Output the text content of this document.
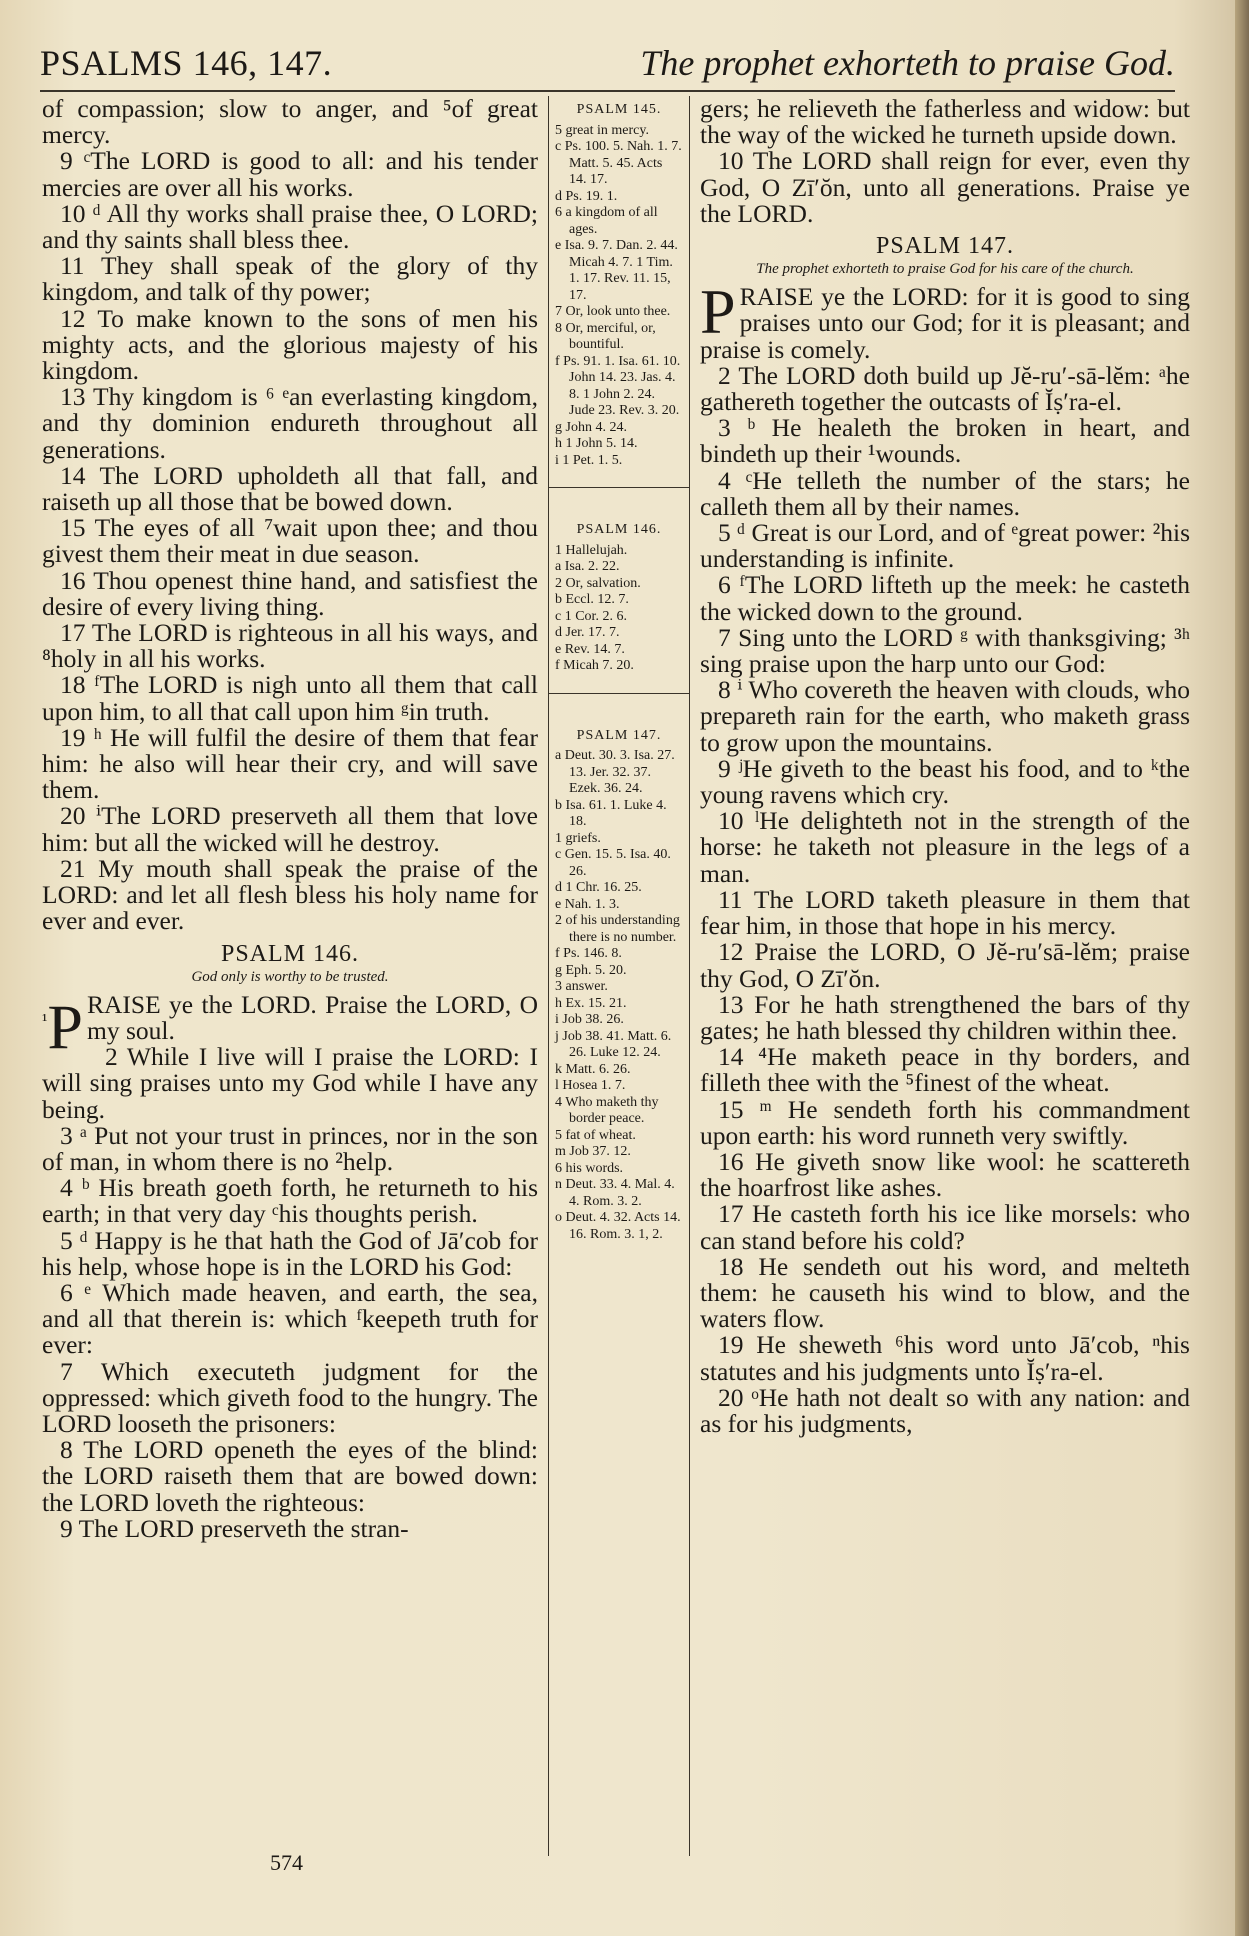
PSALMS 146, 147.	The prophet exhorteth to praise God.

of compassion; slow to anger, and ⁵of great mercy.

9 ᶜThe LORD is good to all: and his tender mercies are over all his works.

10 ᵈ All thy works shall praise thee, O LORD; and thy saints shall bless thee.

11 They shall speak of the glory of thy kingdom, and talk of thy power;

12 To make known to the sons of men his mighty acts, and the glorious majesty of his kingdom.

13 Thy kingdom is ⁶ ᵉan everlasting kingdom, and thy dominion endureth throughout all generations.

14 The LORD upholdeth all that fall, and raiseth up all those that be bowed down.

15 The eyes of all ⁷wait upon thee; and thou givest them their meat in due season.

16 Thou openest thine hand, and satisfiest the desire of every living thing.

17 The LORD is righteous in all his ways, and ⁸holy in all his works.

18 ᶠThe LORD is nigh unto all them that call upon him, to all that call upon him ᵍin truth.

19 ʰ He will fulfil the desire of them that fear him: he also will hear their cry, and will save them.

20 ⁱThe LORD preserveth all them that love him: but all the wicked will he destroy.

21 My mouth shall speak the praise of the LORD: and let all flesh bless his holy name for ever and ever.

PSALM 146.
God only is worthy to be trusted.

$^{^1}$P RAISE ye the LORD. Praise the LORD, O my soul.

2 While I live will I praise the LORD: I will sing praises unto my God while I have any being.

3 ᵃ Put not your trust in princes, nor in the son of man, in whom there is no ²help.

4 ᵇ His breath goeth forth, he returneth to his earth; in that very day ᶜhis thoughts perish.

5 ᵈ Happy is he that hath the God of Jā′cob for his help, whose hope is in the LORD his God:

6 ᵉ Which made heaven, and earth, the sea, and all that therein is: which ᶠkeepeth truth for ever:

7 Which executeth judgment for the oppressed: which giveth food to the hungry. The LORD looseth the prisoners:

8 The LORD openeth the eyes of the blind: the LORD raiseth them that are bowed down: the LORD loveth the righteous:

9 The LORD preserveth the stran-

PSALM 145.
5 great in mercy.
c Ps. 100. 5. Nah. 1. 7. Matt. 5. 45. Acts 14. 17.
d Ps. 19. 1.
6 a kingdom of all ages.
e Isa. 9. 7. Dan. 2. 44. Micah 4. 7. 1 Tim. 1. 17. Rev. 11. 15, 17.
7 Or, look unto thee.
8 Or, merciful, or, bountiful.
f Ps. 91. 1. Isa. 61. 10. John 14. 23. Jas. 4. 8. 1 John 2. 24. Jude 23. Rev. 3. 20.
g John 4. 24.
h 1 John 5. 14.
i 1 Pet. 1. 5.
PSALM 146.
1 Hallelujah.
a Isa. 2. 22.
2 Or, salvation.
b Eccl. 12. 7.
c 1 Cor. 2. 6.
d Jer. 17. 7.
e Rev. 14. 7.
f Micah 7. 20.
PSALM 147.
a Deut. 30. 3. Isa. 27. 13. Jer. 32. 37. Ezek. 36. 24.
b Isa. 61. 1. Luke 4. 18.
1 griefs.
c Gen. 15. 5. Isa. 40. 26.
d 1 Chr. 16. 25.
e Nah. 1. 3.
2 of his understanding there is no number.
f Ps. 146. 8.
g Eph. 5. 20.
3 answer.
h Ex. 15. 21.
i Job 38. 26.
j Job 38. 41. Matt. 6. 26. Luke 12. 24.
k Matt. 6. 26.
l Hosea 1. 7.
4 Who maketh thy border peace.
5 fat of wheat.
m Job 37. 12.
6 his words.
n Deut. 33. 4. Mal. 4. 4. Rom. 3. 2.
o Deut. 4. 32. Acts 14. 16. Rom. 3. 1, 2.

gers; he relieveth the fatherless and widow: but the way of the wicked he turneth upside down.

10 The LORD shall reign for ever, even thy God, O Zī′ŏn, unto all generations. Praise ye the LORD.

PSALM 147.
The prophet exhorteth to praise God for his care of the church.

PRAISE ye the LORD: for it is good to sing praises unto our God; for it is pleasant; and praise is comely.

2 The LORD doth build up Jĕ-ru′-sā-lĕm: ᵃhe gathereth together the outcasts of Ĭṣ′ra-el.

3 ᵇ He healeth the broken in heart, and bindeth up their ¹wounds.

4 ᶜHe telleth the number of the stars; he calleth them all by their names.

5 ᵈ Great is our Lord, and of ᵉgreat power: ²his understanding is infinite.

6 ᶠThe LORD lifteth up the meek: he casteth the wicked down to the ground.

7 Sing unto the LORD ᵍ with thanksgiving; ³ʰ sing praise upon the harp unto our God:

8 ⁱ Who covereth the heaven with clouds, who prepareth rain for the earth, who maketh grass to grow upon the mountains.

9 ʲHe giveth to the beast his food, and to ᵏthe young ravens which cry.

10 ˡHe delighteth not in the strength of the horse: he taketh not pleasure in the legs of a man.

11 The LORD taketh pleasure in them that fear him, in those that hope in his mercy.

12 Praise the LORD, O Jĕ-ru′sā-lĕm; praise thy God, O Zī′ŏn.

13 For he hath strengthened the bars of thy gates; he hath blessed thy children within thee.

14 ⁴He maketh peace in thy borders, and filleth thee with the ⁵finest of the wheat.

15 ᵐ He sendeth forth his commandment upon earth: his word runneth very swiftly.

16 He giveth snow like wool: he scattereth the hoarfrost like ashes.

17 He casteth forth his ice like morsels: who can stand before his cold?

18 He sendeth out his word, and melteth them: he causeth his wind to blow, and the waters flow.

19 He sheweth ⁶his word unto Jā′cob, ⁿhis statutes and his judgments unto Ĭṣ′ra-el.

20 ᵒHe hath not dealt so with any nation: and as for his judgments,

574
